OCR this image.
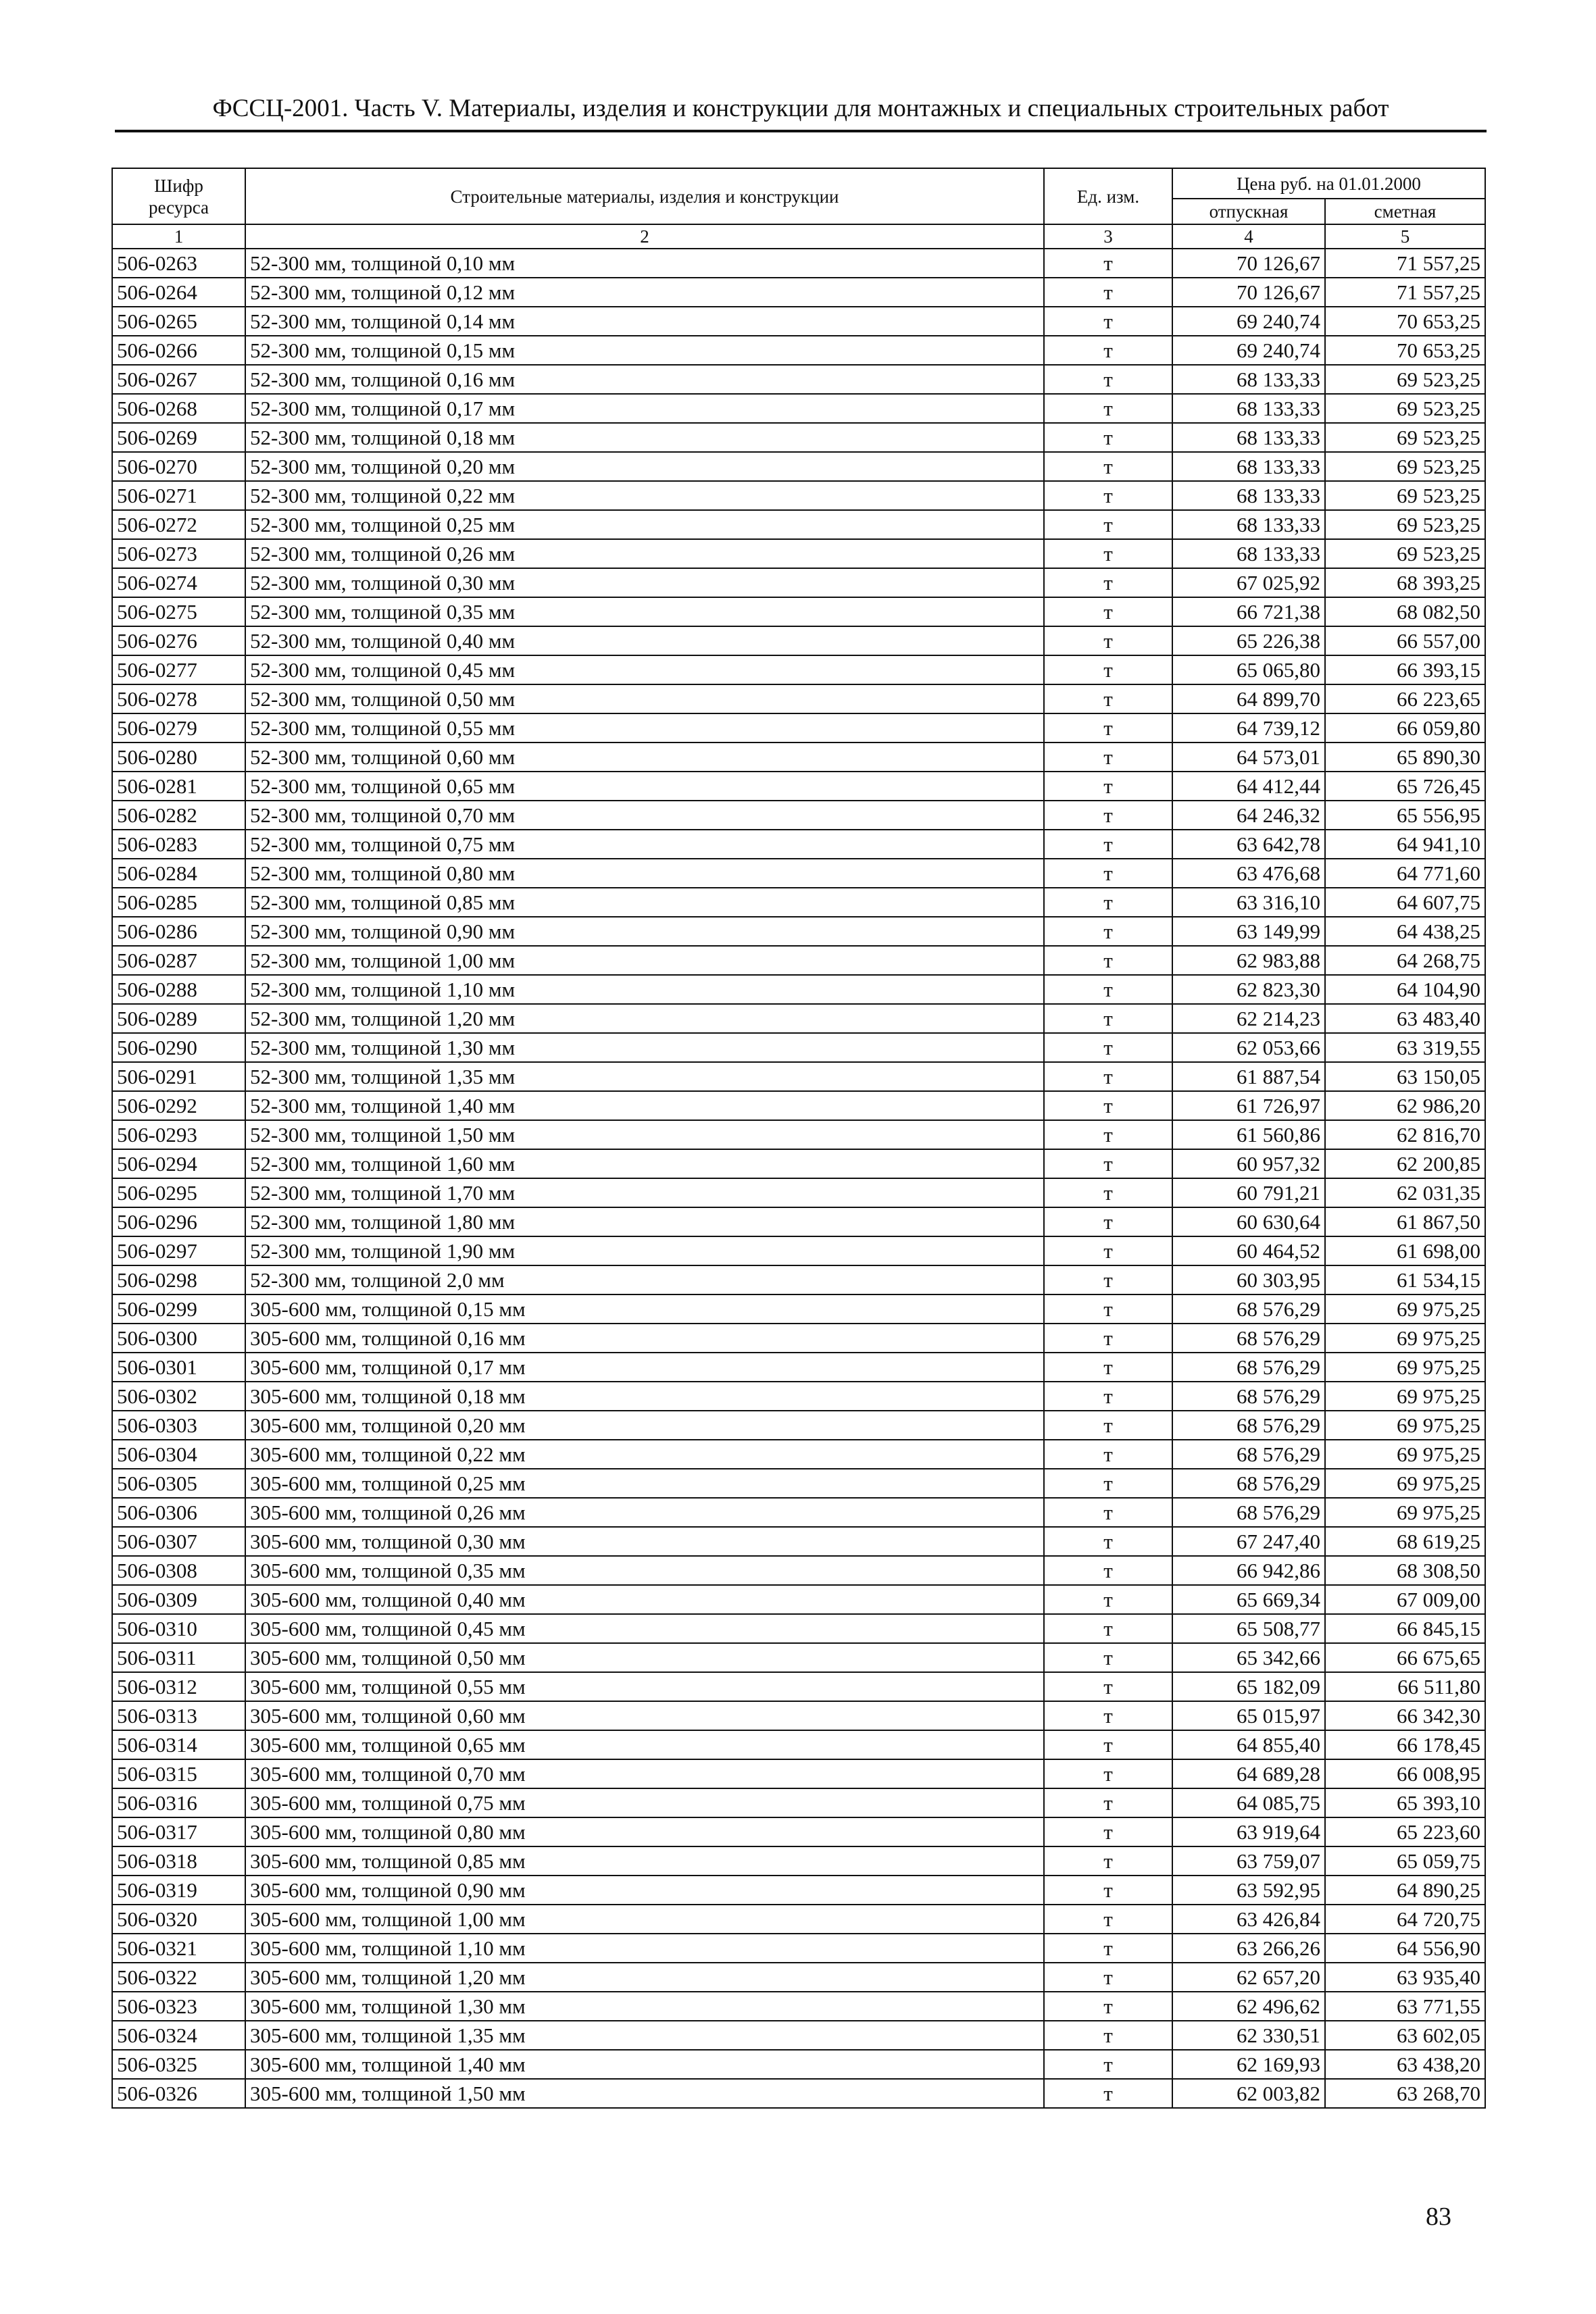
ФССЦ-2001. Часть V. Материалы, изделия и конструкции для монтажных и специальных строительных работ
Шифр ресурса	Строительные материалы, изделия и конструкции	Ед. изм.	Цена руб. на 01.01.2000	
			отпускная	сметная
1	2	3	4	5
506-0263	52-300 мм, толщиной 0,10 мм	т	70 126,67	71 557,25
506-0264	52-300 мм, толщиной 0,12 мм	т	70 126,67	71 557,25
506-0265	52-300 мм, толщиной 0,14 мм	т	69 240,74	70 653,25
506-0266	52-300 мм, толщиной 0,15 мм	т	69 240,74	70 653,25
506-0267	52-300 мм, толщиной 0,16 мм	т	68 133,33	69 523,25
506-0268	52-300 мм, толщиной 0,17 мм	т	68 133,33	69 523,25
506-0269	52-300 мм, толщиной 0,18 мм	т	68 133,33	69 523,25
506-0270	52-300 мм, толщиной 0,20 мм	т	68 133,33	69 523,25
506-0271	52-300 мм, толщиной 0,22 мм	т	68 133,33	69 523,25
506-0272	52-300 мм, толщиной 0,25 мм	т	68 133,33	69 523,25
506-0273	52-300 мм, толщиной 0,26 мм	т	68 133,33	69 523,25
506-0274	52-300 мм, толщиной 0,30 мм	т	67 025,92	68 393,25
506-0275	52-300 мм, толщиной 0,35 мм	т	66 721,38	68 082,50
506-0276	52-300 мм, толщиной 0,40 мм	т	65 226,38	66 557,00
506-0277	52-300 мм, толщиной 0,45 мм	т	65 065,80	66 393,15
506-0278	52-300 мм, толщиной 0,50 мм	т	64 899,70	66 223,65
506-0279	52-300 мм, толщиной 0,55 мм	т	64 739,12	66 059,80
506-0280	52-300 мм, толщиной 0,60 мм	т	64 573,01	65 890,30
506-0281	52-300 мм, толщиной 0,65 мм	т	64 412,44	65 726,45
506-0282	52-300 мм, толщиной 0,70 мм	т	64 246,32	65 556,95
506-0283	52-300 мм, толщиной 0,75 мм	т	63 642,78	64 941,10
506-0284	52-300 мм, толщиной 0,80 мм	т	63 476,68	64 771,60
506-0285	52-300 мм, толщиной 0,85 мм	т	63 316,10	64 607,75
506-0286	52-300 мм, толщиной 0,90 мм	т	63 149,99	64 438,25
506-0287	52-300 мм, толщиной 1,00 мм	т	62 983,88	64 268,75
506-0288	52-300 мм, толщиной 1,10 мм	т	62 823,30	64 104,90
506-0289	52-300 мм, толщиной 1,20 мм	т	62 214,23	63 483,40
506-0290	52-300 мм, толщиной 1,30 мм	т	62 053,66	63 319,55
506-0291	52-300 мм, толщиной 1,35 мм	т	61 887,54	63 150,05
506-0292	52-300 мм, толщиной 1,40 мм	т	61 726,97	62 986,20
506-0293	52-300 мм, толщиной 1,50 мм	т	61 560,86	62 816,70
506-0294	52-300 мм, толщиной 1,60 мм	т	60 957,32	62 200,85
506-0295	52-300 мм, толщиной 1,70 мм	т	60 791,21	62 031,35
506-0296	52-300 мм, толщиной 1,80 мм	т	60 630,64	61 867,50
506-0297	52-300 мм, толщиной 1,90 мм	т	60 464,52	61 698,00
506-0298	52-300 мм, толщиной 2,0 мм	т	60 303,95	61 534,15
506-0299	305-600 мм, толщиной 0,15 мм	т	68 576,29	69 975,25
506-0300	305-600 мм, толщиной 0,16 мм	т	68 576,29	69 975,25
506-0301	305-600 мм, толщиной 0,17 мм	т	68 576,29	69 975,25
506-0302	305-600 мм, толщиной 0,18 мм	т	68 576,29	69 975,25
506-0303	305-600 мм, толщиной 0,20 мм	т	68 576,29	69 975,25
506-0304	305-600 мм, толщиной 0,22 мм	т	68 576,29	69 975,25
506-0305	305-600 мм, толщиной 0,25 мм	т	68 576,29	69 975,25
506-0306	305-600 мм, толщиной 0,26 мм	т	68 576,29	69 975,25
506-0307	305-600 мм, толщиной 0,30 мм	т	67 247,40	68 619,25
506-0308	305-600 мм, толщиной 0,35 мм	т	66 942,86	68 308,50
506-0309	305-600 мм, толщиной 0,40 мм	т	65 669,34	67 009,00
506-0310	305-600 мм, толщиной 0,45 мм	т	65 508,77	66 845,15
506-0311	305-600 мм, толщиной 0,50 мм	т	65 342,66	66 675,65
506-0312	305-600 мм, толщиной 0,55 мм	т	65 182,09	66 511,80
506-0313	305-600 мм, толщиной 0,60 мм	т	65 015,97	66 342,30
506-0314	305-600 мм, толщиной 0,65 мм	т	64 855,40	66 178,45
506-0315	305-600 мм, толщиной 0,70 мм	т	64 689,28	66 008,95
506-0316	305-600 мм, толщиной 0,75 мм	т	64 085,75	65 393,10
506-0317	305-600 мм, толщиной 0,80 мм	т	63 919,64	65 223,60
506-0318	305-600 мм, толщиной 0,85 мм	т	63 759,07	65 059,75
506-0319	305-600 мм, толщиной 0,90 мм	т	63 592,95	64 890,25
506-0320	305-600 мм, толщиной 1,00 мм	т	63 426,84	64 720,75
506-0321	305-600 мм, толщиной 1,10 мм	т	63 266,26	64 556,90
506-0322	305-600 мм, толщиной 1,20 мм	т	62 657,20	63 935,40
506-0323	305-600 мм, толщиной 1,30 мм	т	62 496,62	63 771,55
506-0324	305-600 мм, толщиной 1,35 мм	т	62 330,51	63 602,05
506-0325	305-600 мм, толщиной 1,40 мм	т	62 169,93	63 438,20
506-0326	305-600 мм, толщиной 1,50 мм	т	62 003,82	63 268,70
83
